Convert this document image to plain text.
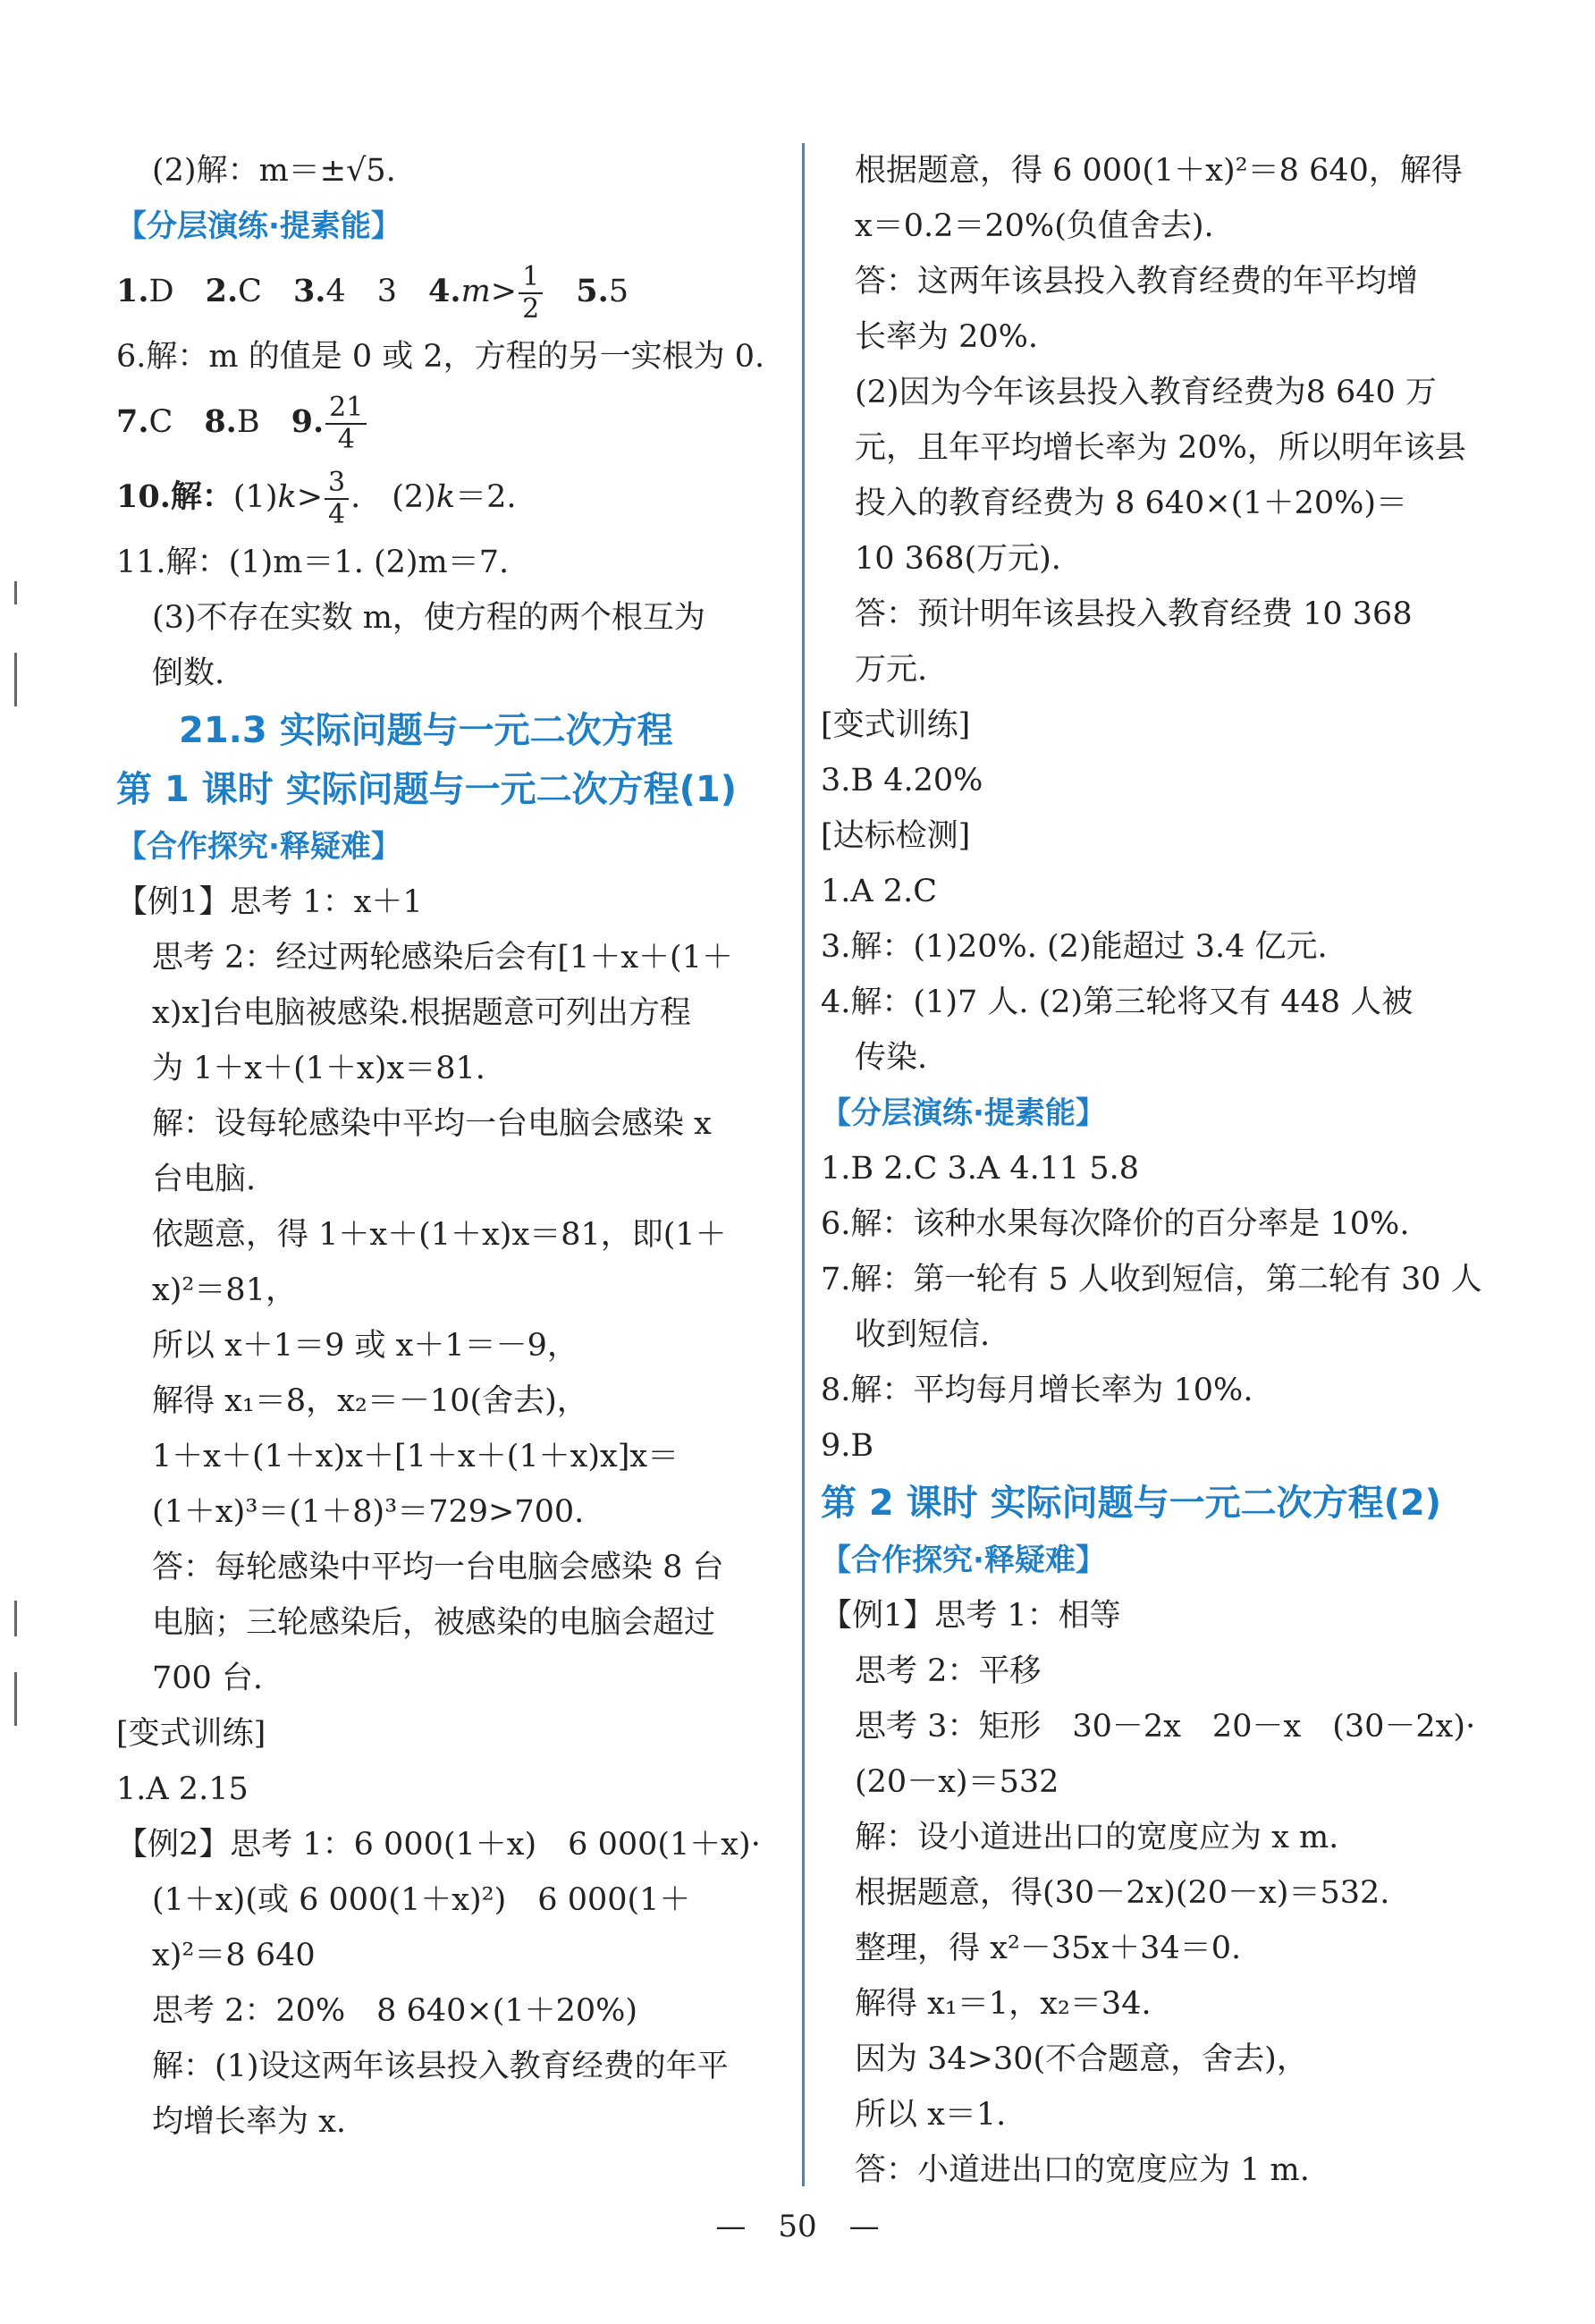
(2)解：m＝±√5.
【分层演练·提素能】
1.D　2.C　3.4　3　$4.m> \frac{1}{2}$
　 5.5
6.解：m 的值是 0 或 2，方程的另一实根为 0.
7.C　8.B　9. $\frac{21}{4}$
10.解：$(1)k> \frac{3}{4}$ .　(2)k＝2.
11.解：(1)m＝1. (2)m＝7.
(3)不存在实数 m，使方程的两个根互为
倒数.
21.3 实际问题与一元二次方程
第 1 课时 实际问题与一元二次方程(1)
【合作探究·释疑难】
【例1】思考 1：x＋1
思考 2：经过两轮感染后会有[1＋x＋(1＋
x)x]台电脑被感染.根据题意可列出方程
为 1＋x＋(1＋x)x＝81.
解：设每轮感染中平均一台电脑会感染 x
台电脑.
依题意，得 1＋x＋(1＋x)x＝81，即(1＋
x)²＝81，
所以 x＋1＝9 或 x＋1＝－9，
解得 x₁＝8，x₂＝－10(舍去)，
1＋x＋(1＋x)x＋[1＋x＋(1＋x)x]x＝
(1＋x)³＝(1＋8)³＝729>700.
答：每轮感染中平均一台电脑会感染 8 台
电脑；三轮感染后，被感染的电脑会超过
700 台.
[变式训练]
1.A 2.15
【例2】思考 1：6 000(1＋x)　6 000(1＋x)·
(1＋x)(或 6 000(1＋x)²)　6 000(1＋
x)²＝8 640
思考 2：20%　8 640×(1＋20%)
解：(1)设这两年该县投入教育经费的年平
均增长率为 x.
根据题意，得 6 000(1＋x)²＝8 640，解得
x＝0.2＝20%(负值舍去).
答：这两年该县投入教育经费的年平均增
长率为 20%.
(2)因为今年该县投入教育经费为8 640 万
元，且年平均增长率为 20%，所以明年该县
投入的教育经费为 8 640×(1＋20%)＝
10 368(万元).
答：预计明年该县投入教育经费 10 368
万元.
[变式训练]
3.B 4.20%
[达标检测]
1.A 2.C
3.解：(1)20%. (2)能超过 3.4 亿元.
4.解：(1)7 人. (2)第三轮将又有 448 人被
传染.
【分层演练·提素能】
1.B 2.C 3.A 4.11 5.8
6.解：该种水果每次降价的百分率是 10%.
7.解：第一轮有 5 人收到短信，第二轮有 30 人
收到短信.
8.解：平均每月增长率为 10%.
9.B
第 2 课时 实际问题与一元二次方程(2)
【合作探究·释疑难】
【例1】思考 1：相等
思考 2：平移
思考 3：矩形　30－2x　20－x　(30－2x)·
(20－x)＝532
解：设小道进出口的宽度应为 x m.
根据题意，得(30－2x)(20－x)＝532.
整理，得 x²－35x＋34＝0.
解得 x₁＝1，x₂＝34.
因为 34>30(不合题意，舍去)，
所以 x＝1.
答：小道进出口的宽度应为 1 m.
— 50 —
